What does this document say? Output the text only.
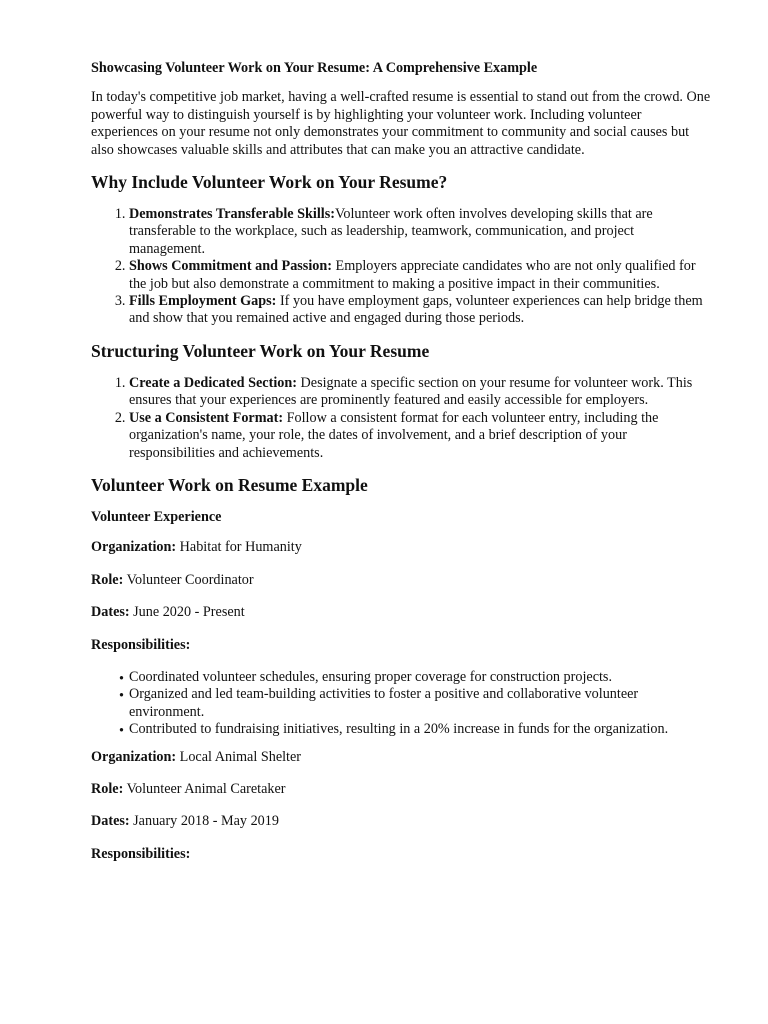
Showcasing Volunteer Work on Your Resume: A Comprehensive Example

In today's competitive job market, having a well-crafted resume is essential to stand out from the crowd. One powerful way to distinguish yourself is by highlighting your volunteer work. Including volunteer experiences on your resume not only demonstrates your commitment to community and social causes but also showcases valuable skills and attributes that can make you an attractive candidate.

Why Include Volunteer Work on Your Resume?
1. Demonstrates Transferable Skills:Volunteer work often involves developing skills that are transferable to the workplace, such as leadership, teamwork, communication, and project management.
2. Shows Commitment and Passion: Employers appreciate candidates who are not only qualified for the job but also demonstrate a commitment to making a positive impact in their communities.
3. Fills Employment Gaps: If you have employment gaps, volunteer experiences can help bridge them and show that you remained active and engaged during those periods.
Structuring Volunteer Work on Your Resume
1. Create a Dedicated Section: Designate a specific section on your resume for volunteer work. This ensures that your experiences are prominently featured and easily accessible for employers.
2. Use a Consistent Format: Follow a consistent format for each volunteer entry, including the organization's name, your role, the dates of involvement, and a brief description of your responsibilities and achievements.
Volunteer Work on Resume Example
Volunteer Experience
Organization: Habitat for Humanity
Role: Volunteer Coordinator
Dates: June 2020 - Present
Responsibilities:
• Coordinated volunteer schedules, ensuring proper coverage for construction projects.
• Organized and led team-building activities to foster a positive and collaborative volunteer environment.
• Contributed to fundraising initiatives, resulting in a 20% increase in funds for the organization.
Organization: Local Animal Shelter
Role: Volunteer Animal Caretaker
Dates: January 2018 - May 2019
Responsibilities:
